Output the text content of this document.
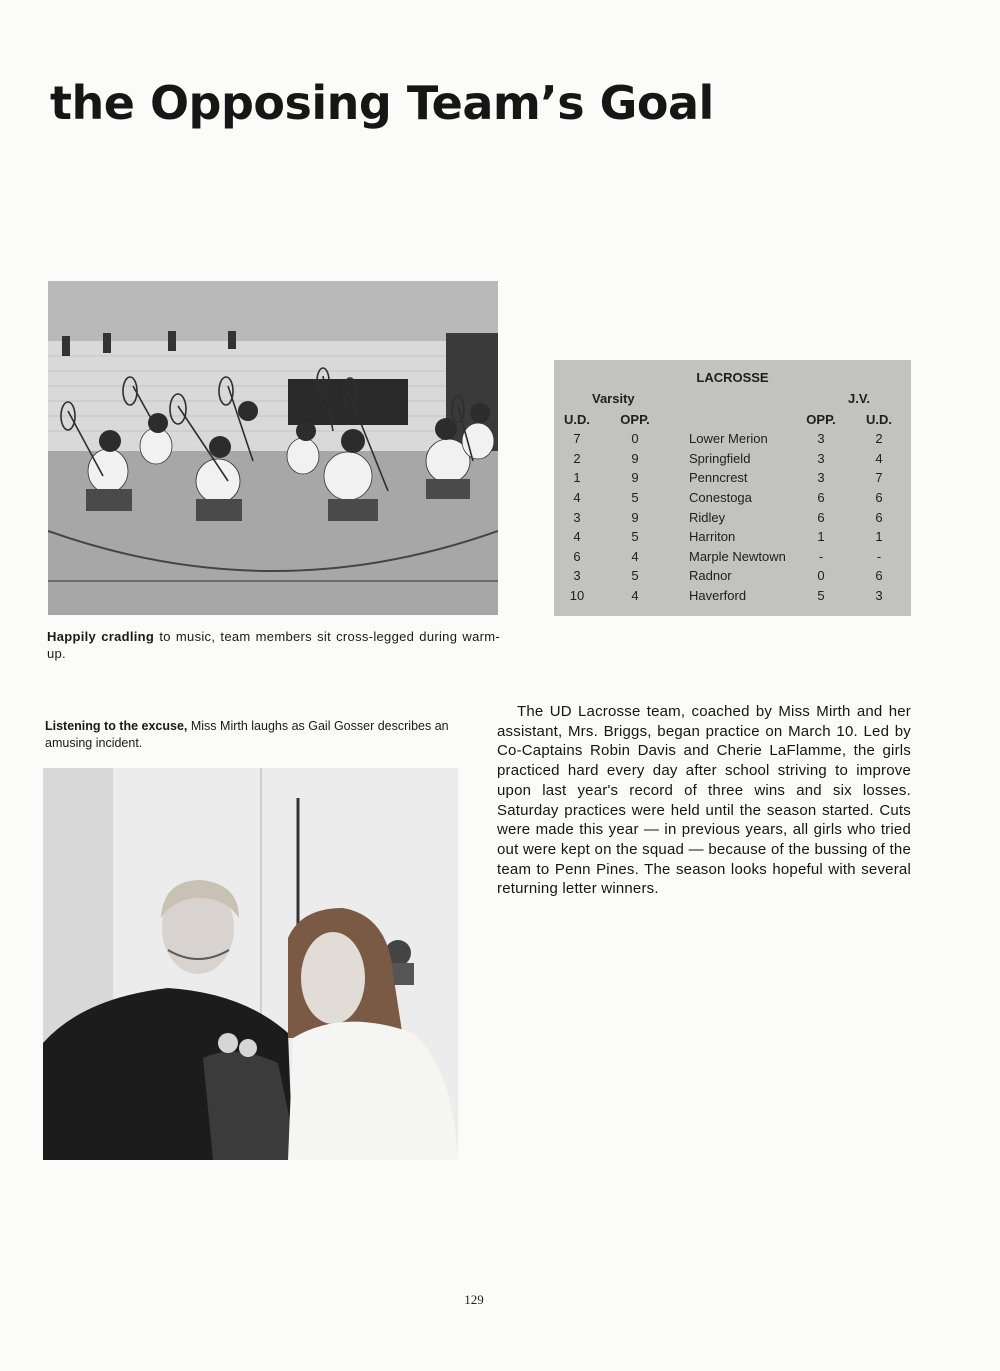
the Opposing Team’s Goal
Happily cradling to music, team members sit cross-legged during warm-up.
LACROSSE
Varsity	J.V.
U.D. OPP.	OPP. U.D.
7	0	Lower Merion	3	2
2	9	Springfield	3	4
1	9	Penncrest	3	7
4	5	Conestoga	6	6
3	9	Ridley	6	6
4	5	Harriton	1	1
6	4	Marple Newtown	-	-
3	5	Radnor	0	6
10	4	Haverford	5	3
Listening to the excuse, Miss Mirth laughs as Gail Gosser describes an amusing incident.

The UD Lacrosse team, coached by Miss Mirth and her assistant, Mrs. Briggs, began practice on March 10. Led by Co-Captains Robin Davis and Cherie LaFlamme, the girls practiced hard every day after school striving to improve upon last year's record of three wins and six losses. Saturday practices were held until the season started. Cuts were made this year — in previous years, all girls who tried out were kept on the squad — because of the bussing of the team to Penn Pines. The season looks hopeful with several returning letter winners.

129
